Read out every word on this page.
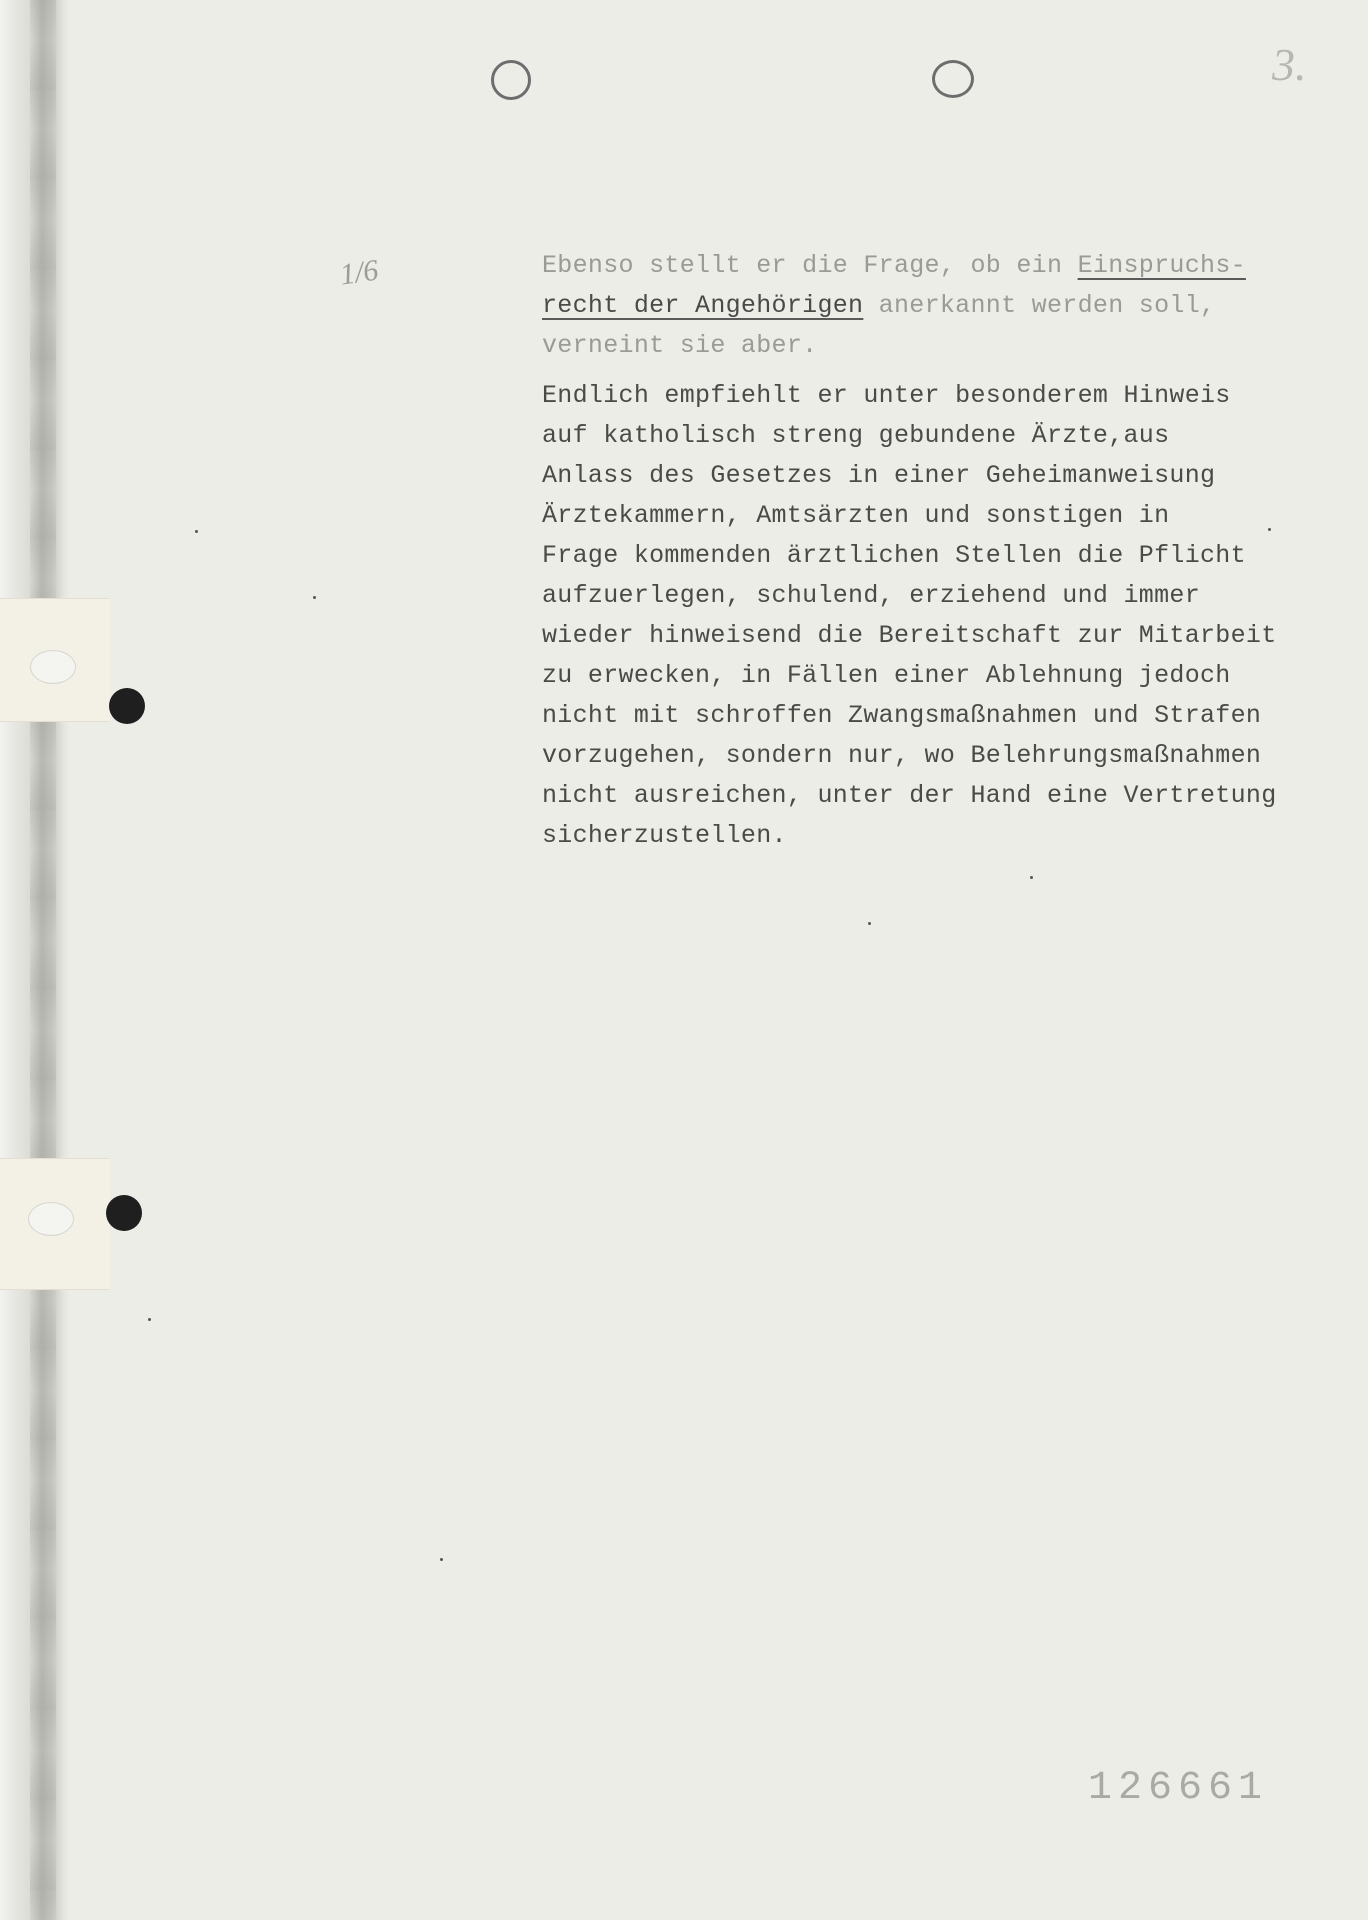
3.
1/6	Ebenso stellt er die Frage, ob ein Einspruchs-
recht der Angehörigen anerkannt werden soll,
verneint sie aber.
Endlich empfiehlt er unter besonderem Hinweis
auf katholisch streng gebundene Ärzte,aus
Anlass des Gesetzes in einer Geheimanweisung
Ärztekammern, Amtsärzten und sonstigen in
Frage kommenden ärztlichen Stellen die Pflicht
aufzuerlegen, schulend, erziehend und immer
wieder hinweisend die Bereitschaft zur Mitarbeit
zu erwecken, in Fällen einer Ablehnung jedoch
nicht mit schroffen Zwangsmaßnahmen und Strafen
vorzugehen, sondern nur, wo Belehrungsmaßnahmen
nicht ausreichen, unter der Hand eine Vertretung
sicherzustellen.
126661
